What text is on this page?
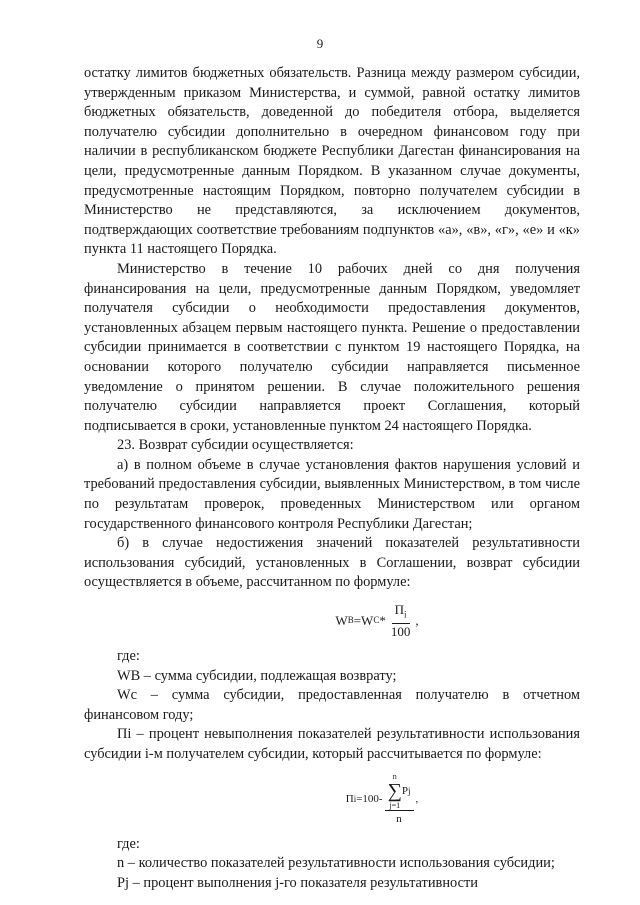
9

остатку лимитов бюджетных обязательств. Разница между размером субсидии, утвержденным приказом Министерства, и суммой, равной остатку лимитов бюджетных обязательств, доведенной до победителя отбора, выделяется получателю субсидии дополнительно в очередном финансовом году при наличии в республиканском бюджете Республики Дагестан финансирования на цели, предусмотренные данным Порядком. В указанном случае документы, предусмотренные настоящим Порядком, повторно получателем субсидии в Министерство не представляются, за исключением документов, подтверждающих соответствие требованиям подпунктов «а», «в», «г», «е» и «к» пункта 11 настоящего Порядка.

Министерство в течение 10 рабочих дней со дня получения финансирования на цели, предусмотренные данным Порядком, уведомляет получателя субсидии о необходимости предоставления документов, установленных абзацем первым настоящего пункта. Решение о предоставлении субсидии принимается в соответствии с пунктом 19 настоящего Порядка, на основании которого получателю субсидии направляется письменное уведомление о принятом решении. В случае положительного решения получателю субсидии направляется проект Соглашения, который подписывается в сроки, установленные пунктом 24 настоящего Порядка.

23. Возврат субсидии осуществляется:

а) в полном объеме в случае установления фактов нарушения условий и требований предоставления субсидии, выявленных Министерством, в том числе по результатам проверок, проведенных Министерством или органом государственного финансового контроля Республики Дагестан;

б) в случае недостижения значений показателей результативности использования субсидий, установленных в Соглашении, возврат субсидии осуществляется в объеме, рассчитанном по формуле:

W В =W С * $\frac{П_i}{100}$ ,

где:

WВ – сумма субсидии, подлежащая возврату;

Wc – сумма субсидии, предоставленная получателю в отчетном финансовом году;

Пi – процент невыполнения показателей результативности использования субсидии i-м получателем субсидии, который рассчитывается по формуле:

П i =100- n
∑
j=1
P j
n ,

где:

n – количество показателей результативности использования субсидии;

Pj – процент выполнения j-го показателя результативности
